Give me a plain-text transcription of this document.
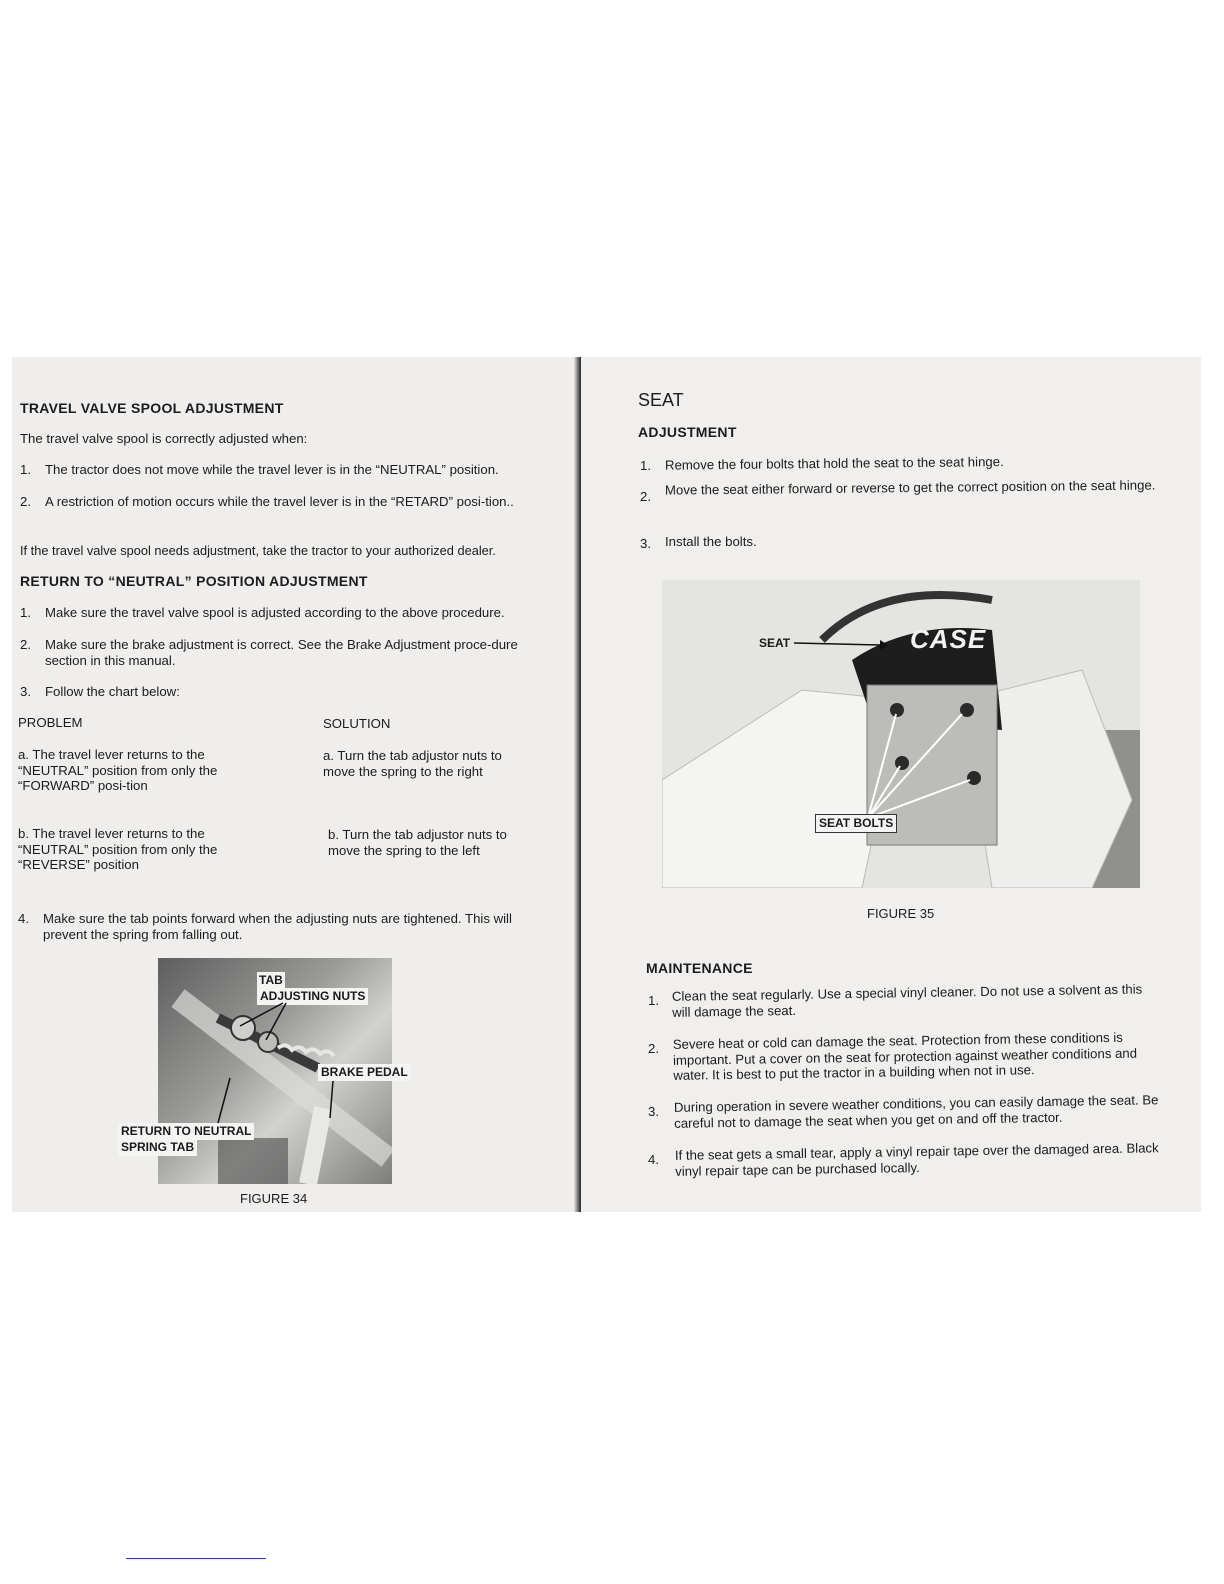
TRAVEL VALVE SPOOL ADJUSTMENT
The travel valve spool is correctly adjusted when:
1. The tractor does not move while the travel lever is in the “NEUTRAL” position.
2. A restriction of motion occurs while the travel lever is in the “RETARD” posi-tion..
If the travel valve spool needs adjustment, take the tractor to your authorized dealer.
RETURN TO “NEUTRAL” POSITION ADJUSTMENT
1. Make sure the travel valve spool is adjusted according to the above procedure.
2. Make sure the brake adjustment is correct. See the Brake Adjustment proce-dure section in this manual.
3. Follow the chart below:
PROBLEM	SOLUTION
a. The travel lever returns to the “NEUTRAL” position from only the “FORWARD” posi-tion
a. Turn the tab adjustor nuts to move the spring to the right
b. The travel lever returns to the “NEUTRAL” position from only the “REVERSE” position
b. Turn the tab adjustor nuts to move the spring to the left
4. Make sure the tab points forward when the adjusting nuts are tightened. This will prevent the spring from falling out.
TAB
ADJUSTING NUTS
BRAKE PEDAL
RETURN TO NEUTRAL
SPRING TAB
FIGURE 34
SEAT
ADJUSTMENT
1. Remove the four bolts that hold the seat to the seat hinge.
2. Move the seat either forward or reverse to get the correct position on the seat hinge.
3. Install the bolts.
CASE
SEAT
SEAT BOLTS
FIGURE 35
MAINTENANCE
1. Clean the seat regularly. Use a special vinyl cleaner. Do not use a solvent as this will damage the seat.
2. Severe heat or cold can damage the seat. Protection from these conditions is important. Put a cover on the seat for protection against weather conditions and water. It is best to put the tractor in a building when not in use.
3. During operation in severe weather conditions, you can easily damage the seat. Be careful not to damage the seat when you get on and off the tractor.
4. If the seat gets a small tear, apply a vinyl repair tape over the damaged area. Black vinyl repair tape can be purchased locally.
